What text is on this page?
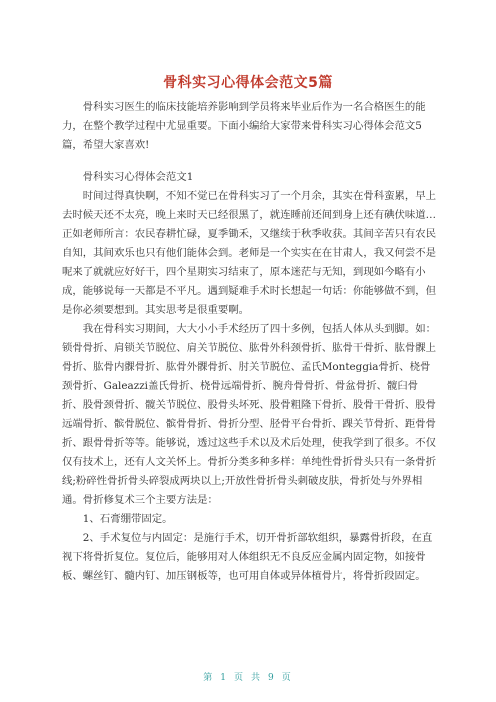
骨科实习心得体会范文5篇

骨科实习医生的临床技能培养影响到学员将来毕业后作为一名合格医生的能力，在整个教学过程中尤显重要。下面小编给大家带来骨科实习心得体会范文5篇，希望大家喜欢!

骨科实习心得体会范文1

时间过得真快啊，不知不觉已在骨科实习了一个月余，其实在骨科蛮累，早上去时候天还不太亮，晚上来时天已经很黑了，就连睡前还间到身上还有碘伏味道…正如老师所言：农民春耕忙碌，夏季锄禾，又继续于秋季收获。其间辛苦只有农民自知，其间欢乐也只有他们能体会到。老师是一个实实在在甘肃人，我又何尝不是呢来了就就应好好干，四个星期实习结束了，原本迷茫与无知，到现如今略有小成，能够说每一天都是不平凡。遇到疑难手术时长想起一句话：你能够做不到，但是你必须要想到。其实思考是很重要啊。

我在骨科实习期间，大大小小手术经历了四十多例，包括人体从头到脚。如：锁骨骨折、肩锁关节脱位、肩关节脱位、肱骨外科颈骨折、肱骨干骨折、肱骨髁上骨折、肱骨内髁骨折、肱骨外髁骨折、肘关节脱位、孟氏Monteggia骨折、桡骨颈骨折、Galeazzi盖氏骨折、桡骨远端骨折、腕舟骨骨折、骨盆骨折、髋臼骨折、股骨颈骨折、髋关节脱位、股骨头坏死、股骨粗隆下骨折、股骨干骨折、股骨远端骨折、髌骨脱位、髌骨骨折、骨折分型、胫骨平台骨折、踝关节骨折、距骨骨折、跟骨骨折等等。能够说，透过这些手术以及术后处理，使我学到了很多。不仅仅有技术上，还有人文关怀上。骨折分类多种多样：单纯性骨折骨头只有一条骨折线;粉碎性骨折骨头碎裂成两块以上;开放性骨折骨头刺破皮肤，骨折处与外界相通。骨折修复术三个主要方法是：

1、石膏绷带固定。

2、手术复位与内固定：是施行手术，切开骨折部软组织，暴露骨折段，在直视下将骨折复位。复位后，能够用对人体组织无不良反应金属内固定物，如接骨板、螺丝钉、髓内钉、加压钢板等，也可用自体或异体植骨片，将骨折段固定。

第 1 页 共 9 页
